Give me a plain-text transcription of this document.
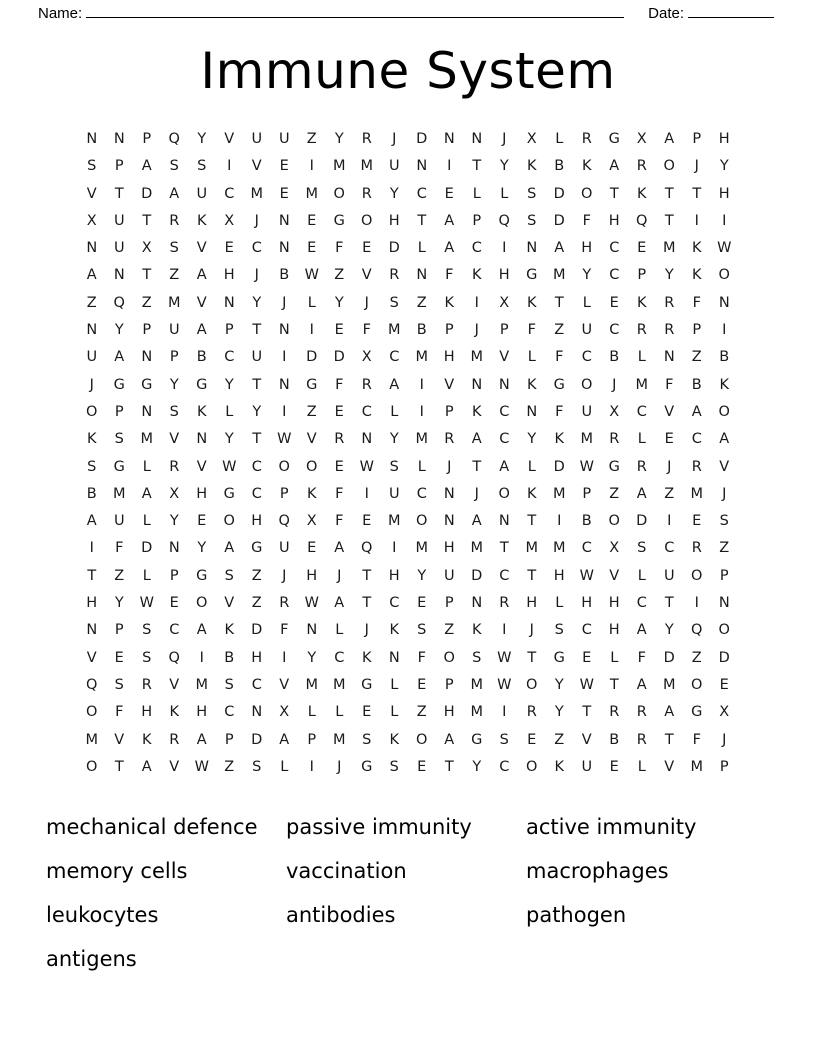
Name:	Date:
Immune System
N	N	P	Q	Y	V	U	U	Z	Y	R	J	D	N	N	J	X	L	R	G	X	A	P	H
S	P	A	S	S	I	V	E	I	M	M	U	N	I	T	Y	K	B	K	A	R	O	J	Y
V	T	D	A	U	C	M	E	M	O	R	Y	C	E	L	L	S	D	O	T	K	T	T	H
X	U	T	R	K	X	J	N	E	G	O	H	T	A	P	Q	S	D	F	H	Q	T	I	I
N	U	X	S	V	E	C	N	E	F	E	D	L	A	C	I	N	A	H	C	E	M	K	W
A	N	T	Z	A	H	J	B	W	Z	V	R	N	F	K	H	G	M	Y	C	P	Y	K	O
Z	Q	Z	M	V	N	Y	J	L	Y	J	S	Z	K	I	X	K	T	L	E	K	R	F	N
N	Y	P	U	A	P	T	N	I	E	F	M	B	P	J	P	F	Z	U	C	R	R	P	I
U	A	N	P	B	C	U	I	D	D	X	C	M	H	M	V	L	F	C	B	L	N	Z	B
J	G	G	Y	G	Y	T	N	G	F	R	A	I	V	N	N	K	G	O	J	M	F	B	K
O	P	N	S	K	L	Y	I	Z	E	C	L	I	P	K	C	N	F	U	X	C	V	A	O
K	S	M	V	N	Y	T	W	V	R	N	Y	M	R	A	C	Y	K	M	R	L	E	C	A
S	G	L	R	V	W	C	O	O	E	W	S	L	J	T	A	L	D	W	G	R	J	R	V
B	M	A	X	H	G	C	P	K	F	I	U	C	N	J	O	K	M	P	Z	A	Z	M	J
A	U	L	Y	E	O	H	Q	X	F	E	M	O	N	A	N	T	I	B	O	D	I	E	S
I	F	D	N	Y	A	G	U	E	A	Q	I	M	H	M	T	M	M	C	X	S	C	R	Z
T	Z	L	P	G	S	Z	J	H	J	T	H	Y	U	D	C	T	H	W	V	L	U	O	P
H	Y	W	E	O	V	Z	R	W	A	T	C	E	P	N	R	H	L	H	H	C	T	I	N
N	P	S	C	A	K	D	F	N	L	J	K	S	Z	K	I	J	S	C	H	A	Y	Q	O
V	E	S	Q	I	B	H	I	Y	C	K	N	F	O	S	W	T	G	E	L	F	D	Z	D
Q	S	R	V	M	S	C	V	M	M	G	L	E	P	M	W	O	Y	W	T	A	M	O	E
O	F	H	K	H	C	N	X	L	L	E	L	Z	H	M	I	R	Y	T	R	R	A	G	X
M	V	K	R	A	P	D	A	P	M	S	K	O	A	G	S	E	Z	V	B	R	T	F	J
O	T	A	V	W	Z	S	L	I	J	G	S	E	T	Y	C	O	K	U	E	L	V	M	P
mechanical defence	passive immunity	active immunity
memory cells	vaccination	macrophages
leukocytes	antibodies	pathogen
antigens
